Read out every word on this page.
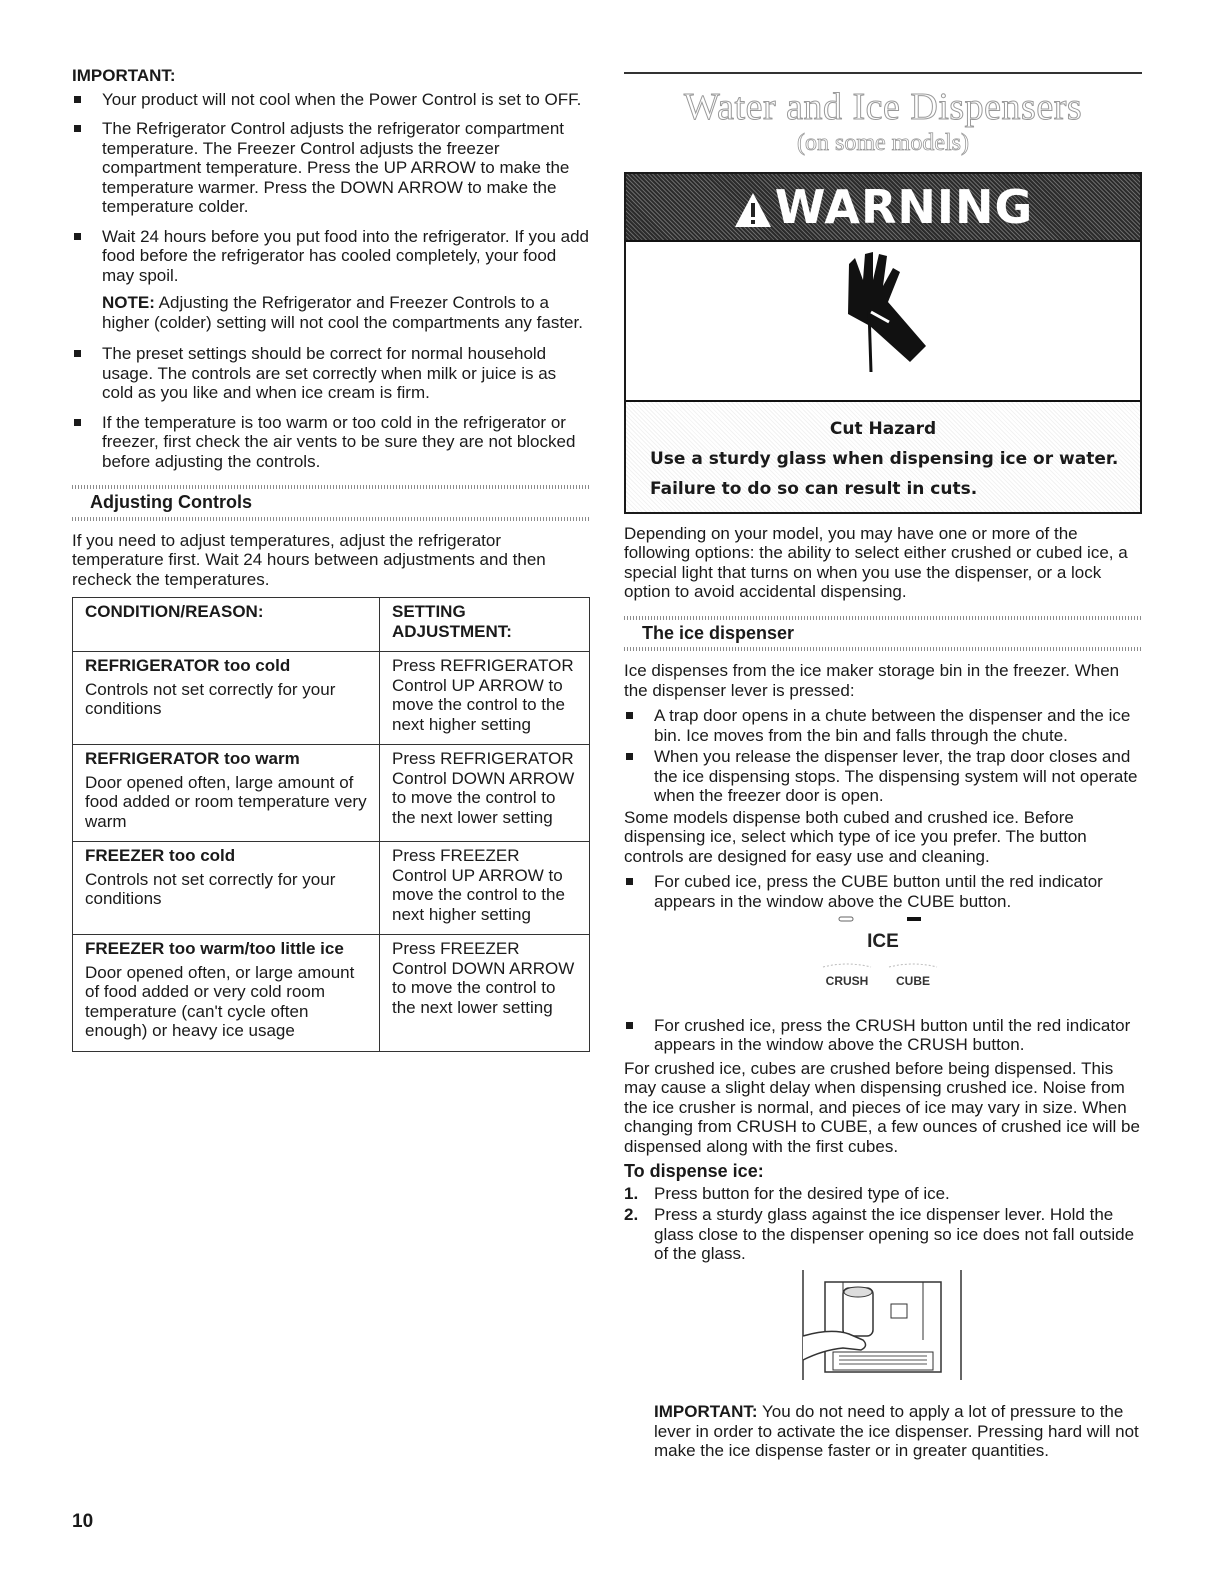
IMPORTANT:

Your product will not cool when the Power Control is set to OFF.
The Refrigerator Control adjusts the refrigerator compartment temperature. The Freezer Control adjusts the freezer compartment temperature. Press the UP ARROW to make the temperature warmer. Press the DOWN ARROW to make the temperature colder.
Wait 24 hours before you put food into the refrigerator. If you add food before the refrigerator has cooled completely, your food may spoil.

NOTE: Adjusting the Refrigerator and Freezer Controls to a higher (colder) setting will not cool the compartments any faster.

The preset settings should be correct for normal household usage. The controls are set correctly when milk or juice is as cold as you like and when ice cream is firm.
If the temperature is too warm or too cold in the refrigerator or freezer, first check the air vents to be sure they are not blocked before adjusting the controls.
Adjusting Controls

If you need to adjust temperatures, adjust the refrigerator temperature first. Wait 24 hours between adjustments and then recheck the temperatures.

CONDITION/REASON:	SETTING ADJUSTMENT:

REFRIGERATOR too cold
Controls not set correctly for your conditions	Press REFRIGERATOR Control UP ARROW to move the control to the next higher setting

REFRIGERATOR too warm
Door opened often, large amount of food added or room temperature very warm	Press REFRIGERATOR Control DOWN ARROW to move the control to the next lower setting

FREEZER too cold
Controls not set correctly for your conditions	Press FREEZER Control UP ARROW to move the control to the next higher setting

FREEZER too warm/too little ice
Door opened often, or large amount of food added or very cold room temperature (can't cycle often enough) or heavy ice usage	Press FREEZER Control DOWN ARROW to move the control to the next lower setting
Water and Ice Dispensers
(on some models)
WARNING
Cut Hazard
Use a sturdy glass when dispensing ice or water.
Failure to do so can result in cuts.

Depending on your model, you may have one or more of the following options: the ability to select either crushed or cubed ice, a special light that turns on when you use the dispenser, or a lock option to avoid accidental dispensing.

The ice dispenser

Ice dispenses from the ice maker storage bin in the freezer. When the dispenser lever is pressed:

A trap door opens in a chute between the dispenser and the ice bin. Ice moves from the bin and falls through the chute.
When you release the dispenser lever, the trap door closes and the ice dispensing stops. The dispensing system will not operate when the freezer door is open.

Some models dispense both cubed and crushed ice. Before dispensing ice, select which type of ice you prefer. The button controls are designed for easy use and cleaning.

For cubed ice, press the CUBE button until the red indicator appears in the window above the CUBE button.
ICE
CRUSH CUBE
For crushed ice, press the CRUSH button until the red indicator appears in the window above the CRUSH button.

For crushed ice, cubes are crushed before being dispensed. This may cause a slight delay when dispensing crushed ice. Noise from the ice crusher is normal, and pieces of ice may vary in size. When changing from CRUSH to CUBE, a few ounces of crushed ice will be dispensed along with the first cubes.

To dispense ice:

1. Press button for the desired type of ice.
2. Press a sturdy glass against the ice dispenser lever. Hold the glass close to the dispenser opening so ice does not fall outside of the glass.

IMPORTANT: You do not need to apply a lot of pressure to the lever in order to activate the ice dispenser. Pressing hard will not make the ice dispense faster or in greater quantities.

10
